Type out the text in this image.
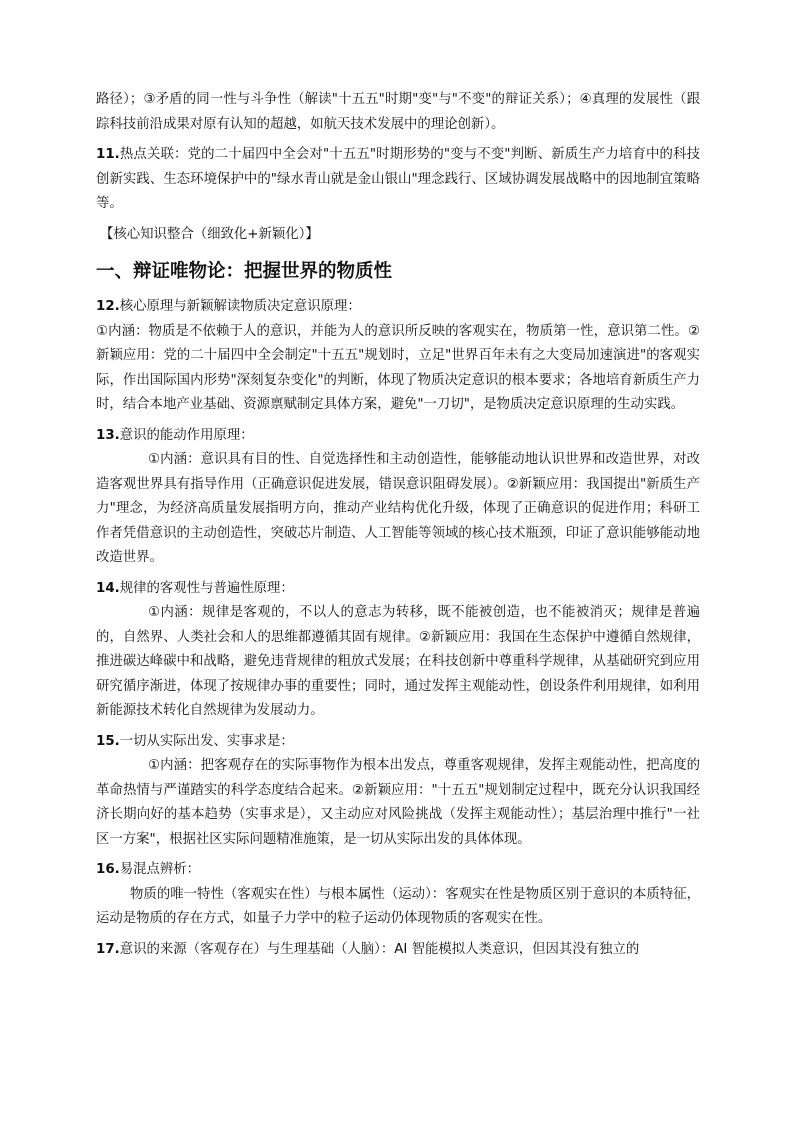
路径）；③矛盾的同一性与斗争性（解读"十五五"时期"变"与"不变"的辩证关系）；④真理的发展性（跟踪科技前沿成果对原有认知的超越，如航天技术发展中的理论创新）。

11.热点关联：党的二十届四中全会对"十五五"时期形势的"变与不变"判断、新质生产力培育中的科技创新实践、生态环境保护中的"绿水青山就是金山银山"理念践行、区域协调发展战略中的因地制宜策略等。

【核心知识整合（细致化+新颖化）】

一、辩证唯物论：把握世界的物质性

12.核心原理与新颖解读物质决定意识原理：

①内涵：物质是不依赖于人的意识，并能为人的意识所反映的客观实在，物质第一性，意识第二性。②新颖应用：党的二十届四中全会制定"十五五"规划时，立足"世界百年未有之大变局加速演进"的客观实际，作出国际国内形势"深刻复杂变化"的判断，体现了物质决定意识的根本要求；各地培育新质生产力时，结合本地产业基础、资源禀赋制定具体方案，避免"一刀切"，是物质决定意识原理的生动实践。

13.意识的能动作用原理：

①内涵：意识具有目的性、自觉选择性和主动创造性，能够能动地认识世界和改造世界，对改造客观世界具有指导作用（正确意识促进发展，错误意识阻碍发展）。②新颖应用：我国提出"新质生产力"理念，为经济高质量发展指明方向，推动产业结构优化升级，体现了正确意识的促进作用；科研工作者凭借意识的主动创造性，突破芯片制造、人工智能等领域的核心技术瓶颈，印证了意识能够能动地改造世界。

14.规律的客观性与普遍性原理：

①内涵：规律是客观的，不以人的意志为转移，既不能被创造，也不能被消灭；规律是普遍的，自然界、人类社会和人的思维都遵循其固有规律。②新颖应用：我国在生态保护中遵循自然规律，推进碳达峰碳中和战略，避免违背规律的粗放式发展；在科技创新中尊重科学规律，从基础研究到应用研究循序渐进，体现了按规律办事的重要性；同时，通过发挥主观能动性，创设条件利用规律，如利用新能源技术转化自然规律为发展动力。

15.一切从实际出发、实事求是：

①内涵：把客观存在的实际事物作为根本出发点，尊重客观规律，发挥主观能动性，把高度的革命热情与严谨踏实的科学态度结合起来。②新颖应用："十五五"规划制定过程中，既充分认识我国经济长期向好的基本趋势（实事求是），又主动应对风险挑战（发挥主观能动性）；基层治理中推行"一社区一方案"，根据社区实际问题精准施策，是一切从实际出发的具体体现。

16.易混点辨析：

物质的唯一特性（客观实在性）与根本属性（运动）：客观实在性是物质区别于意识的本质特征，运动是物质的存在方式，如量子力学中的粒子运动仍体现物质的客观实在性。

17.意识的来源（客观存在）与生理基础（人脑）：AI 智能模拟人类意识，但因其没有独立的
